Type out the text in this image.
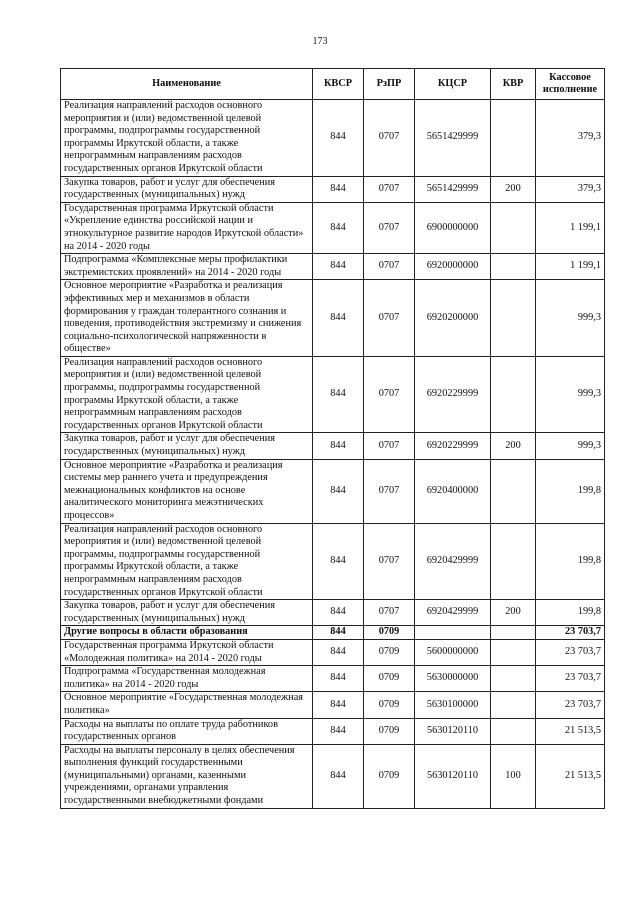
173
Наименование	КВСР	РзПР	КЦСР	КВР	Кассовое исполнение
Реализация направлений расходов основного мероприятия и (или) ведомственной целевой программы, подпрограммы государственной программы Иркутской области, а также непрограммным направлениям расходов государственных органов Иркутской области	844	0707	5651429999		379,3
Закупка товаров, работ и услуг для обеспечения государственных (муниципальных) нужд	844	0707	5651429999	200	379,3
Государственная программа Иркутской области «Укрепление единства российской нации и этнокультурное развитие народов Иркутской области» на 2014 - 2020 годы	844	0707	6900000000		1 199,1
Подпрограмма «Комплексные меры профилактики экстремистских проявлений» на 2014 - 2020 годы	844	0707	6920000000		1 199,1
Основное мероприятие «Разработка и реализация эффективных мер и механизмов в области формирования у граждан толерантного сознания и поведения, противодействия экстремизму и снижения социально-психологической напряженности в обществе»	844	0707	6920200000		999,3
Реализация направлений расходов основного мероприятия и (или) ведомственной целевой программы, подпрограммы государственной программы Иркутской области, а также непрограммным направлениям расходов государственных органов Иркутской области	844	0707	6920229999		999,3
Закупка товаров, работ и услуг для обеспечения государственных (муниципальных) нужд	844	0707	6920229999	200	999,3
Основное мероприятие «Разработка и реализация системы мер раннего учета и предупреждения межнациональных конфликтов на основе аналитического мониторинга межэтнических процессов»	844	0707	6920400000		199,8
Реализация направлений расходов основного мероприятия и (или) ведомственной целевой программы, подпрограммы государственной программы Иркутской области, а также непрограммным направлениям расходов государственных органов Иркутской области	844	0707	6920429999		199,8
Закупка товаров, работ и услуг для обеспечения государственных (муниципальных) нужд	844	0707	6920429999	200	199,8
Другие вопросы в области образования	844	0709			23 703,7
Государственная программа Иркутской области «Молодежная политика» на 2014 - 2020 годы	844	0709	5600000000		23 703,7
Подпрограмма «Государственная молодежная политика» на 2014 - 2020 годы	844	0709	5630000000		23 703,7
Основное мероприятие «Государственная молодежная политика»	844	0709	5630100000		23 703,7
Расходы на выплаты по оплате труда работников государственных органов	844	0709	5630120110		21 513,5
Расходы на выплаты персоналу в целях обеспечения выполнения функций государственными (муниципальными) органами, казенными учреждениями, органами управления государственными внебюджетными фондами	844	0709	5630120110	100	21 513,5
